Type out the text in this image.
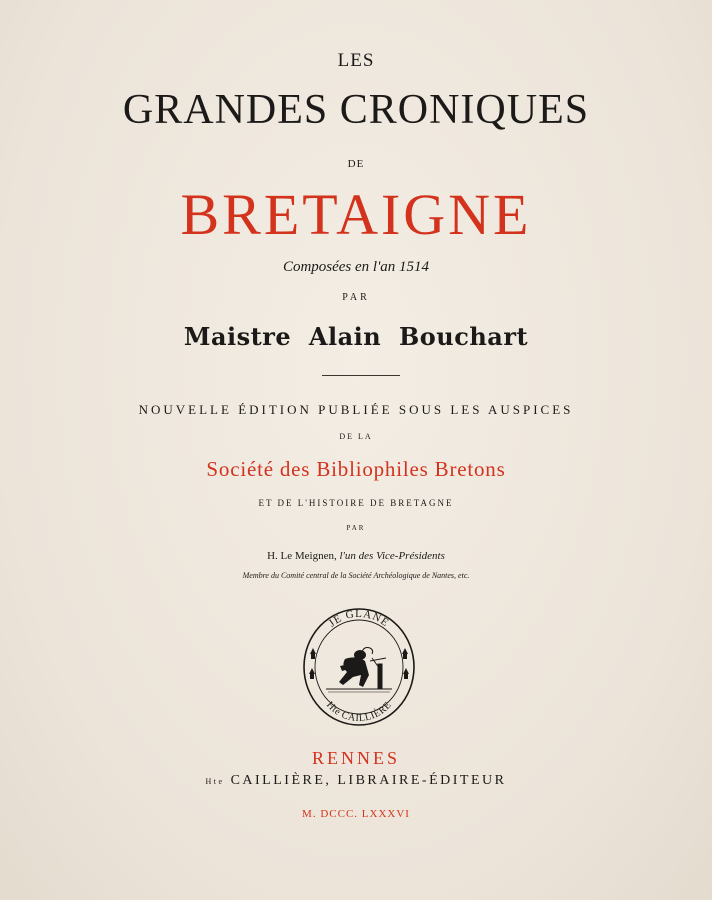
LES
GRANDES CRONIQUES
DE
BRETAIGNE
Composées en l'an 1514
PAR
Maistre Alain Bouchart
NOUVELLE ÉDITION PUBLIÉE SOUS LES AUSPICES
DE LA
Société des Bibliophiles Bretons
ET DE L'HISTOIRE DE BRETAGNE
PAR
H. Le Meignen, l'un des Vice-Présidents
Membre du Comité central de la Société Archéologique de Nantes, etc.
JE GLANE
Hte CAILLIÈRE
RENNES
Hte CAILLIÈRE, LIBRAIRE-ÉDITEUR
M. DCCC. LXXXVI
